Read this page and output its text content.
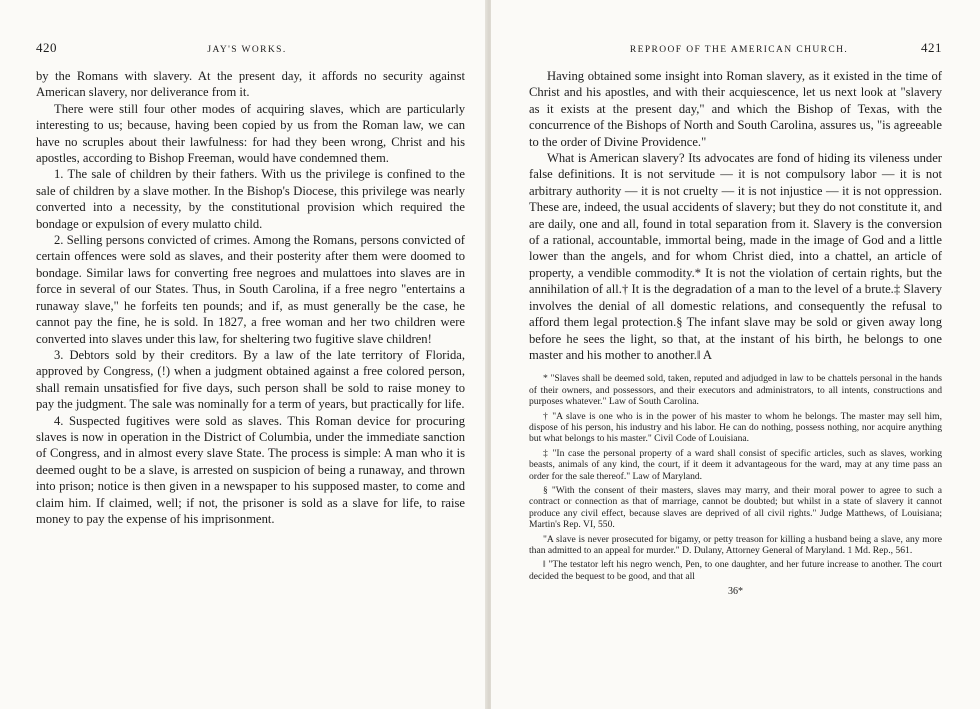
420	JAY'S WORKS.

by the Romans with slavery. At the present day, it affords no security against American slavery, nor deliverance from it.

There were still four other modes of acquiring slaves, which are particularly interesting to us; because, having been copied by us from the Roman law, we can have no scruples about their lawfulness: for had they been wrong, Christ and his apostles, according to Bishop Freeman, would have condemned them.

1. The sale of children by their fathers. With us the privilege is confined to the sale of children by a slave mother. In the Bishop's Diocese, this privilege was nearly converted into a necessity, by the constitutional provision which required the bondage or expulsion of every mulatto child.

2. Selling persons convicted of crimes. Among the Romans, persons convicted of certain offences were sold as slaves, and their posterity after them were doomed to bondage. Similar laws for converting free negroes and mulattoes into slaves are in force in several of our States. Thus, in South Carolina, if a free negro "entertains a runaway slave," he forfeits ten pounds; and if, as must generally be the case, he cannot pay the fine, he is sold. In 1827, a free woman and her two children were converted into slaves under this law, for sheltering two fugitive slave children!

3. Debtors sold by their creditors. By a law of the late territory of Florida, approved by Congress, (!) when a judgment obtained against a free colored person, shall remain unsatisfied for five days, such person shall be sold to raise money to pay the judgment. The sale was nominally for a term of years, but practically for life.

4. Suspected fugitives were sold as slaves. This Roman device for procuring slaves is now in operation in the District of Columbia, under the immediate sanction of Congress, and in almost every slave State. The process is simple: A man who it is deemed ought to be a slave, is arrested on suspicion of being a runaway, and thrown into prison; notice is then given in a newspaper to his supposed master, to come and claim him. If claimed, well; if not, the prisoner is sold as a slave for life, to raise money to pay the expense of his imprisonment.

REPROOF OF THE AMERICAN CHURCH.	421

Having obtained some insight into Roman slavery, as it existed in the time of Christ and his apostles, and with their acquiescence, let us next look at "slavery as it exists at the present day," and which the Bishop of Texas, with the concurrence of the Bishops of North and South Carolina, assures us, "is agreeable to the order of Divine Providence."

What is American slavery? Its advocates are fond of hiding its vileness under false definitions. It is not servitude — it is not compulsory labor — it is not arbitrary authority — it is not cruelty — it is not injustice — it is not oppression. These are, indeed, the usual accidents of slavery; but they do not constitute it, and are daily, one and all, found in total separation from it. Slavery is the conversion of a rational, accountable, immortal being, made in the image of God and a little lower than the angels, and for whom Christ died, into a chattel, an article of property, a vendible commodity.* It is not the violation of certain rights, but the annihilation of all.† It is the degradation of a man to the level of a brute.‡ Slavery involves the denial of all domestic relations, and consequently the refusal to afford them legal protection.§ The infant slave may be sold or given away long before he sees the light, so that, at the instant of his birth, he belongs to one master and his mother to another.‖ A

* "Slaves shall be deemed sold, taken, reputed and adjudged in law to be chattels personal in the hands of their owners, and possessors, and their executors and administrators, to all intents, constructions and purposes whatever." Law of South Carolina.

† "A slave is one who is in the power of his master to whom he belongs. The master may sell him, dispose of his person, his industry and his labor. He can do nothing, possess nothing, nor acquire anything but what belongs to his master." Civil Code of Louisiana.

‡ "In case the personal property of a ward shall consist of specific articles, such as slaves, working beasts, animals of any kind, the court, if it deem it advantageous for the ward, may at any time pass an order for the sale thereof." Law of Maryland.

§ "With the consent of their masters, slaves may marry, and their moral power to agree to such a contract or connection as that of marriage, cannot be doubted; but whilst in a state of slavery it cannot produce any civil effect, because slaves are deprived of all civil rights." Judge Matthews, of Louisiana; Martin's Rep. VI, 550.

"A slave is never prosecuted for bigamy, or petty treason for killing a husband being a slave, any more than admitted to an appeal for murder." D. Dulany, Attorney General of Maryland. 1 Md. Rep., 561.

‖ "The testator left his negro wench, Pen, to one daughter, and her future increase to another. The court decided the bequest to be good, and that all

36*
